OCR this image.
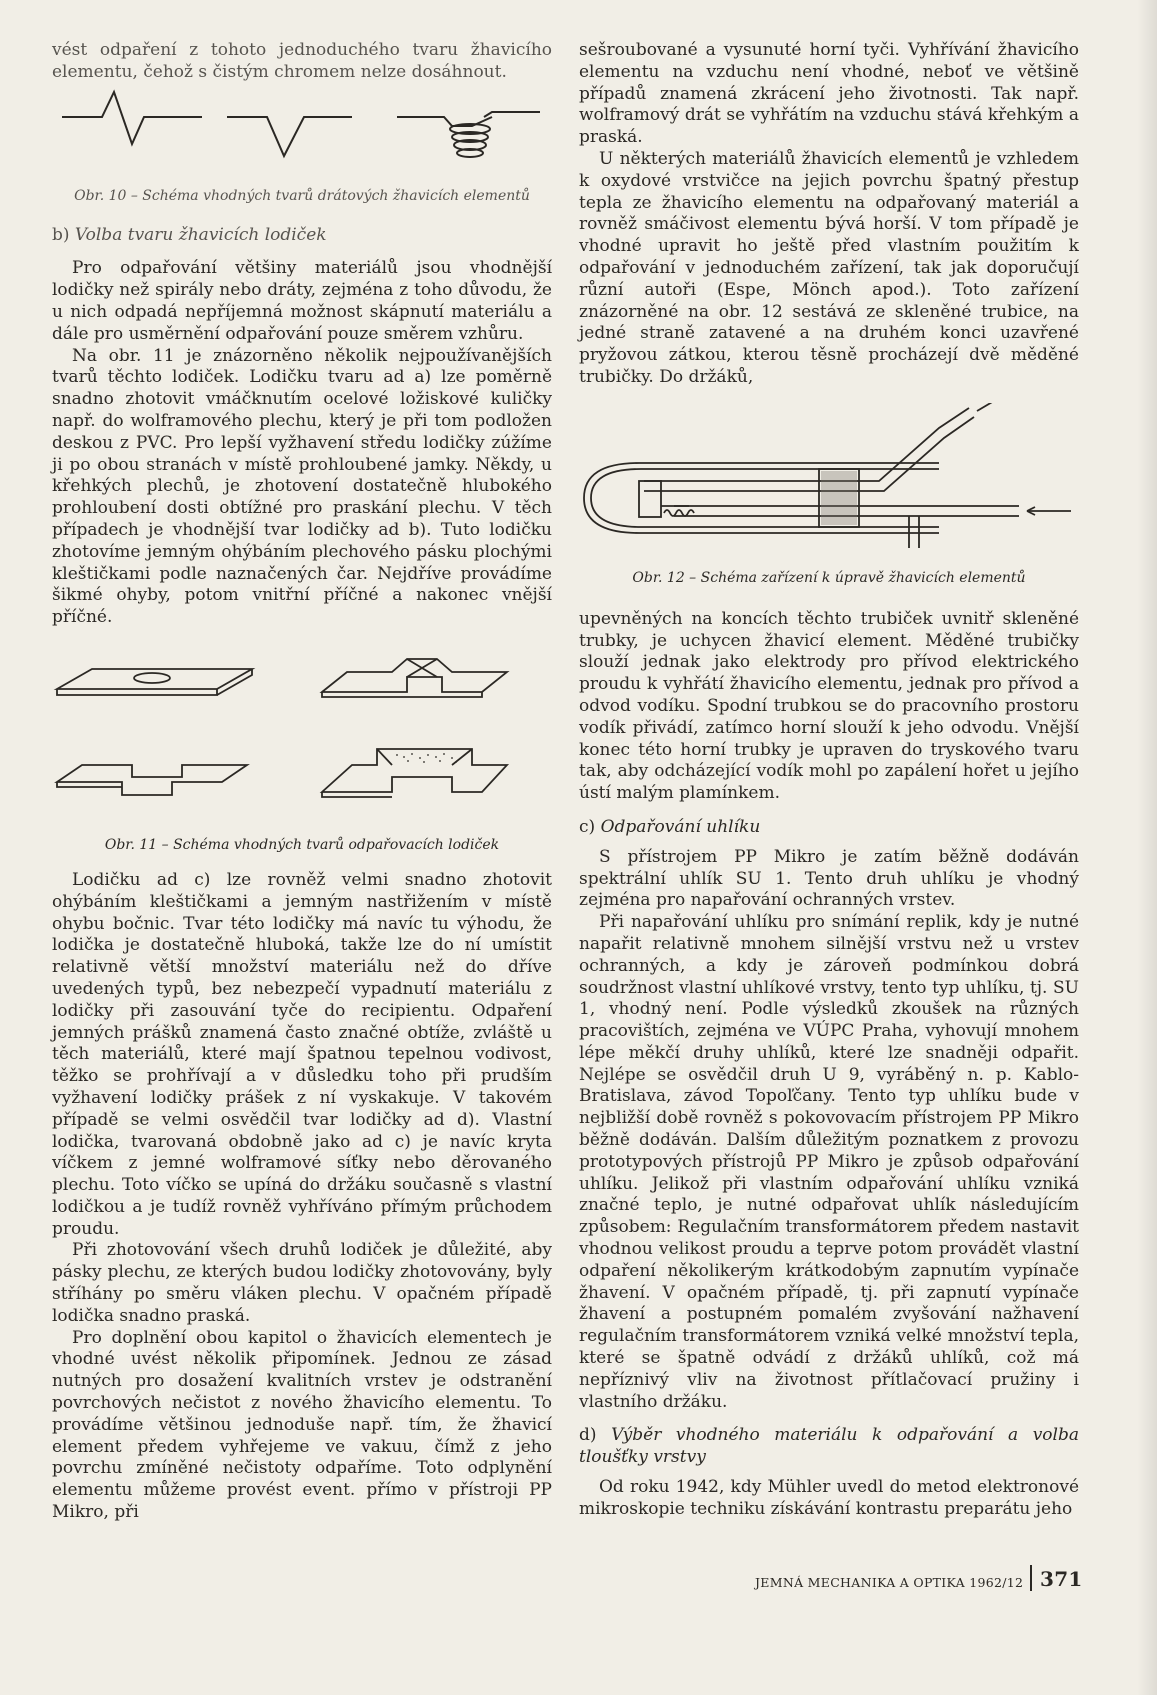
vést odpaření z tohoto jednoduchého tvaru žhavicího elementu, čehož s čistým chromem nelze dosáhnout.

Obr. 10 – Schéma vhodných tvarů drátových žhavicích elementů

b) Volba tvaru žhavicích lodiček

Pro odpařování většiny materiálů jsou vhodnější lodičky než spirály nebo dráty, zejména z toho důvodu, že u nich odpadá nepříjemná možnost skápnutí materiálu a dále pro usměrnění odpařování pouze směrem vzhůru.

Na obr. 11 je znázorněno několik nejpoužívanějších tvarů těchto lodiček. Lodičku tvaru ad a) lze poměrně snadno zhotovit vmáčknutím ocelové ložiskové kuličky např. do wolframového plechu, který je při tom podložen deskou z PVC. Pro lepší vyžhavení středu lodičky zúžíme ji po obou stranách v místě prohloubené jamky. Někdy, u křehkých plechů, je zhotovení dostatečně hlubokého prohloubení dosti obtížné pro praskání plechu. V těch případech je vhodnější tvar lodičky ad b). Tuto lodičku zhotovíme jemným ohýbáním plechového pásku plochými kleštičkami podle naznačených čar. Nejdříve provádíme šikmé ohyby, potom vnitřní příčné a nakonec vnější příčné.

Obr. 11 – Schéma vhodných tvarů odpařovacích lodiček

Lodičku ad c) lze rovněž velmi snadno zhotovit ohýbáním kleštičkami a jemným nastřižením v místě ohybu bočnic. Tvar této lodičky má navíc tu výhodu, že lodička je dostatečně hluboká, takže lze do ní umístit relativně větší množství materiálu než do dříve uvedených typů, bez nebezpečí vypadnutí materiálu z lodičky při zasouvání tyče do recipientu. Odpaření jemných prášků znamená často značné obtíže, zvláště u těch materiálů, které mají špatnou tepelnou vodivost, těžko se prohřívají a v důsledku toho při prudším vyžhavení lodičky prášek z ní vyskakuje. V takovém případě se velmi osvědčil tvar lodičky ad d). Vlastní lodička, tvarovaná obdobně jako ad c) je navíc kryta víčkem z jemné wolframové síťky nebo děrovaného plechu. Toto víčko se upíná do držáku současně s vlastní lodičkou a je tudíž rovněž vyhříváno přímým průchodem proudu.

Při zhotovování všech druhů lodiček je důležité, aby pásky plechu, ze kterých budou lodičky zhotovovány, byly stříhány po směru vláken plechu. V opačném případě lodička snadno praská.

Pro doplnění obou kapitol o žhavicích elementech je vhodné uvést několik připomínek. Jednou ze zásad nutných pro dosažení kvalitních vrstev je odstranění povrchových nečistot z nového žhavicího elementu. To provádíme většinou jednoduše např. tím, že žhavicí element předem vyhřejeme ve vakuu, čímž z jeho povrchu zmíněné nečistoty odpaříme. Toto odplynění elementu můžeme provést event. přímo v přístroji PP Mikro, při

sešroubované a vysunuté horní tyči. Vyhřívání žhavicího elementu na vzduchu není vhodné, neboť ve většině případů znamená zkrácení jeho životnosti. Tak např. wolframový drát se vyhřátím na vzduchu stává křehkým a praská.

U některých materiálů žhavicích elementů je vzhledem k oxydové vrstvičce na jejich povrchu špatný přestup tepla ze žhavicího elementu na odpařovaný materiál a rovněž smáčivost elementu bývá horší. V tom případě je vhodné upravit ho ještě před vlastním použitím k odpařování v jednoduchém zařízení, tak jak doporučují různí autoři (Espe, Mönch apod.). Toto zařízení znázorněné na obr. 12 sestává ze skleněné trubice, na jedné straně zatavené a na druhém konci uzavřené pryžovou zátkou, kterou těsně procházejí dvě měděné trubičky. Do držáků,

Obr. 12 – Schéma zařízení k úpravě žhavicích elementů

upevněných na koncích těchto trubiček uvnitř skleněné trubky, je uchycen žhavicí element. Měděné trubičky slouží jednak jako elektrody pro přívod elektrického proudu k vyhřátí žhavicího elementu, jednak pro přívod a odvod vodíku. Spodní trubkou se do pracovního prostoru vodík přivádí, zatímco horní slouží k jeho odvodu. Vnější konec této horní trubky je upraven do tryskového tvaru tak, aby odcházející vodík mohl po zapálení hořet u jejího ústí malým plamínkem.

c) Odpařování uhlíku

S přístrojem PP Mikro je zatím běžně dodáván spektrální uhlík SU 1. Tento druh uhlíku je vhodný zejména pro napařování ochranných vrstev.

Při napařování uhlíku pro snímání replik, kdy je nutné napařit relativně mnohem silnější vrstvu než u vrstev ochranných, a kdy je zároveň podmínkou dobrá soudržnost vlastní uhlíkové vrstvy, tento typ uhlíku, tj. SU 1, vhodný není. Podle výsledků zkoušek na různých pracovištích, zejména ve VÚPC Praha, vyhovují mnohem lépe měkčí druhy uhlíků, které lze snadněji odpařit. Nejlépe se osvědčil druh U 9, vyráběný n. p. Kablo-Bratislava, závod Topoľčany. Tento typ uhlíku bude v nejbližší době rovněž s pokovovacím přístrojem PP Mikro běžně dodáván. Dalším důležitým poznatkem z provozu prototypových přístrojů PP Mikro je způsob odpařování uhlíku. Jelikož při vlastním odpařování uhlíku vzniká značné teplo, je nutné odpařovat uhlík následujícím způsobem: Regulačním transformátorem předem nastavit vhodnou velikost proudu a teprve potom provádět vlastní odpaření několikerým krátkodobým zapnutím vypínače žhavení. V opačném případě, tj. při zapnutí vypínače žhavení a postupném pomalém zvyšování nažhavení regulačním transformátorem vzniká velké množství tepla, které se špatně odvádí z držáků uhlíků, což má nepříznivý vliv na životnost přítlačovací pružiny i vlastního držáku.

d) Výběr vhodného materiálu k odpařování a volba tloušťky vrstvy

Od roku 1942, kdy Mühler uvedl do metod elektronové mikroskopie techniku získávání kontrastu preparátu jeho

JEMNÁ MECHANIKA A OPTIKA 1962/12 371
